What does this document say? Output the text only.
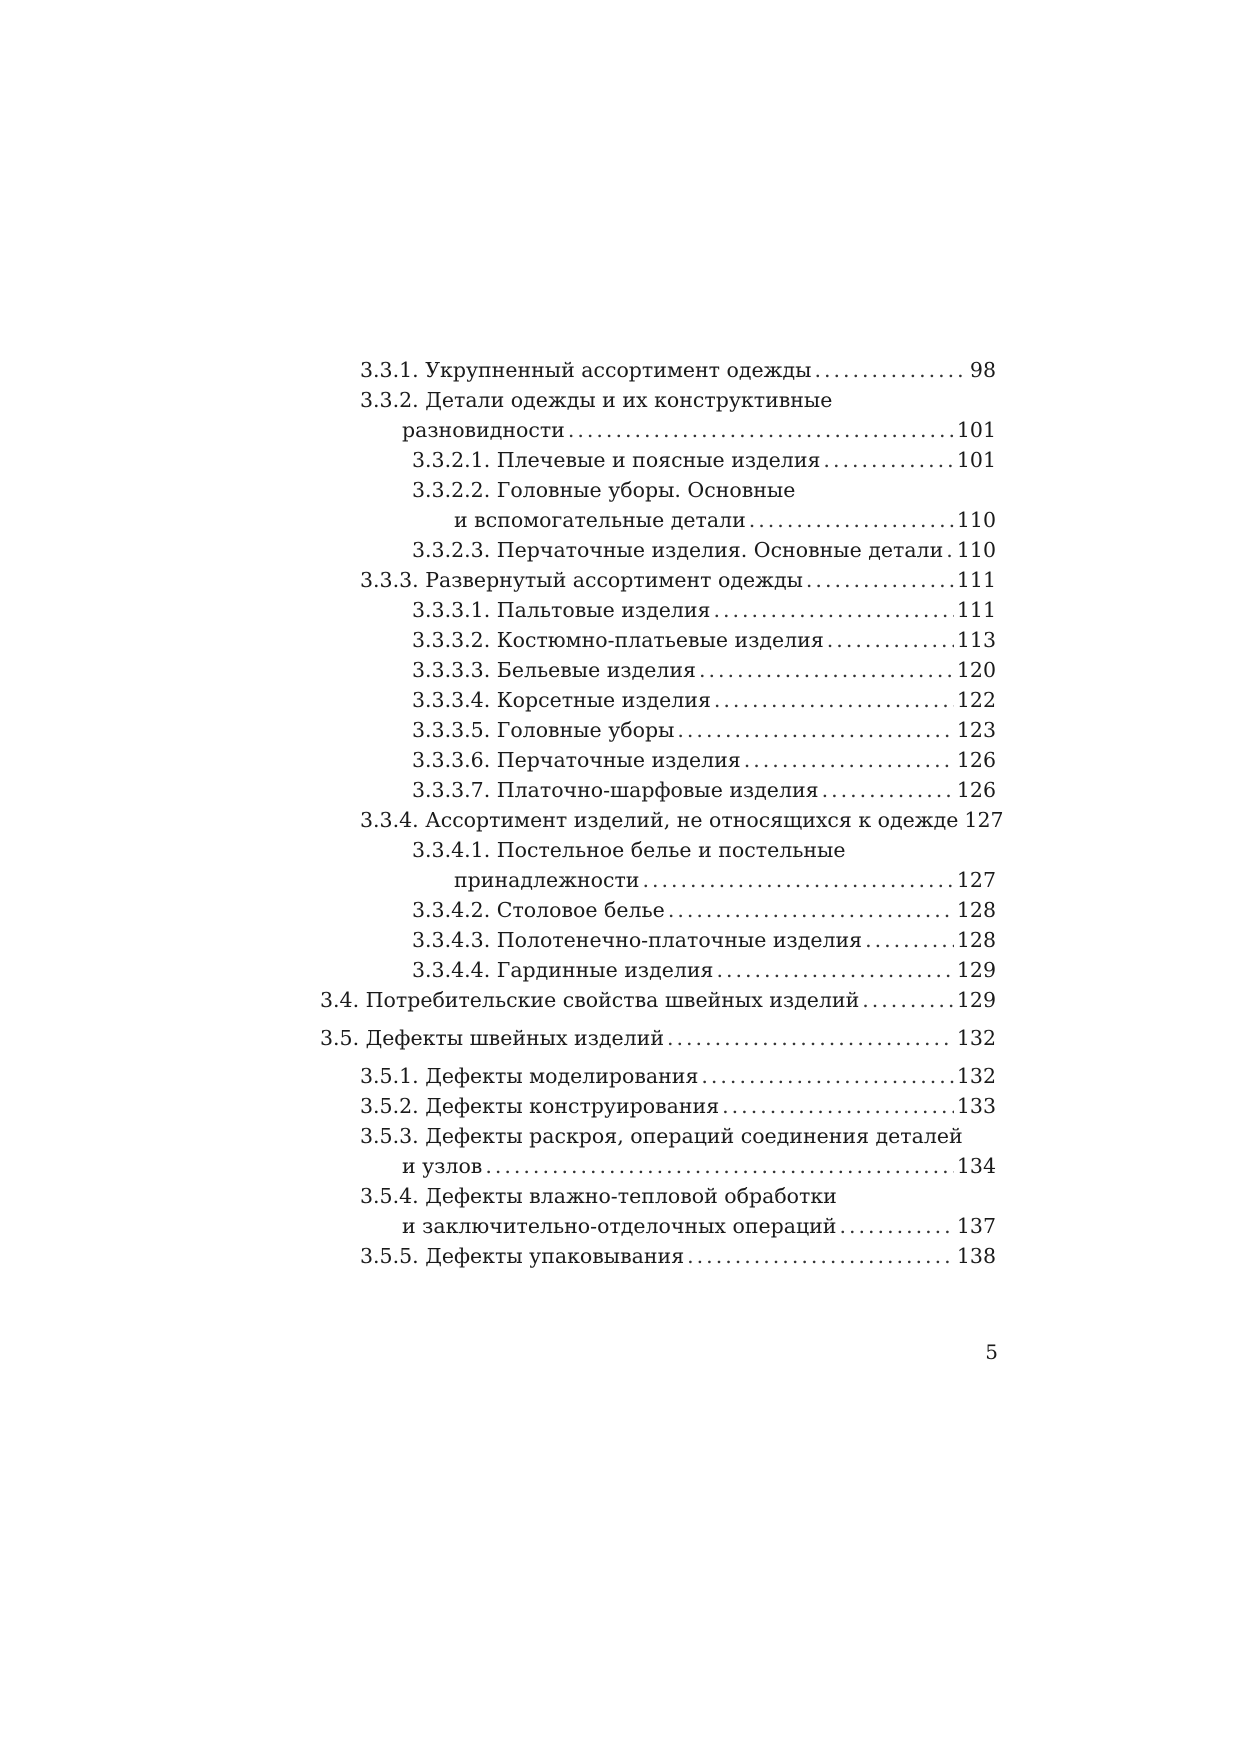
3.3.1. Укрупненный ассортимент одежды .....	98
3.3.2. Детали одежды и их конструктивные
разновидности .....	101
3.3.2.1. Плечевые и поясные изделия .....	101
3.3.2.2. Головные уборы. Основные
и вспомогательные детали .....	110
3.3.2.3. Перчаточные изделия. Основные детали ..... 110
3.3.3. Развернутый ассортимент одежды .....	111
3.3.3.1. Пальтовые изделия .....	111
3.3.3.2. Костюмно-платьевые изделия .....	113
3.3.3.3. Бельевые изделия .....	120
3.3.3.4. Корсетные изделия .....	122
3.3.3.5. Головные уборы .....	123
3.3.3.6. Перчаточные изделия .....	126
3.3.3.7. Платочно-шарфовые изделия .....	126
3.3.4. Ассортимент изделий, не относящихся к одежде 127
3.3.4.1. Постельное белье и постельные
принадлежности .....	127
3.3.4.2. Столовое белье .....	128
3.3.4.3. Полотенечно-платочные изделия .....	128
3.3.4.4. Гардинные изделия .....	129
3.4. Потребительские свойства швейных изделий .....	129
3.5. Дефекты швейных изделий .....	132
3.5.1. Дефекты моделирования .....	132
3.5.2. Дефекты конструирования .....	133
3.5.3. Дефекты раскроя, операций соединения деталей
и узлов .....	134
3.5.4. Дефекты влажно-тепловой обработки
и заключительно-отделочных операций .....	137
3.5.5. Дефекты упаковывания .....	138
5
